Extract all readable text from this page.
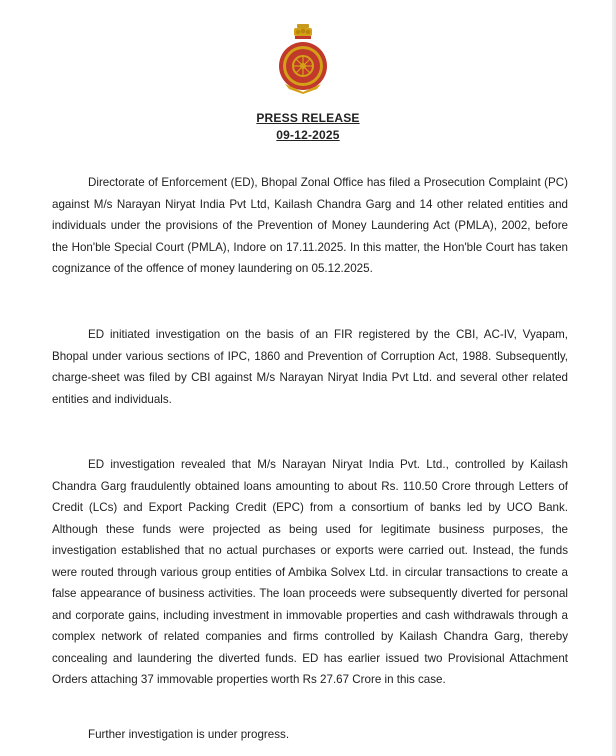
PRESS RELEASE
09-12-2025

Directorate of Enforcement (ED), Bhopal Zonal Office has filed a Prosecution Complaint (PC) against M/s Narayan Niryat India Pvt Ltd, Kailash Chandra Garg and 14 other related entities and individuals under the provisions of the Prevention of Money Laundering Act (PMLA), 2002, before the Hon'ble Special Court (PMLA), Indore on 17.11.2025. In this matter, the Hon'ble Court has taken cognizance of the offence of money laundering on 05.12.2025.

ED initiated investigation on the basis of an FIR registered by the CBI, AC-IV, Vyapam, Bhopal under various sections of IPC, 1860 and Prevention of Corruption Act, 1988. Subsequently, charge-sheet was filed by CBI against M/s Narayan Niryat India Pvt Ltd. and several other related entities and individuals.

ED investigation revealed that M/s Narayan Niryat India Pvt. Ltd., controlled by Kailash Chandra Garg fraudulently obtained loans amounting to about Rs. 110.50 Crore through Letters of Credit (LCs) and Export Packing Credit (EPC) from a consortium of banks led by UCO Bank. Although these funds were projected as being used for legitimate business purposes, the investigation established that no actual purchases or exports were carried out. Instead, the funds were routed through various group entities of Ambika Solvex Ltd. in circular transactions to create a false appearance of business activities. The loan proceeds were subsequently diverted for personal and corporate gains, including investment in immovable properties and cash withdrawals through a complex network of related companies and firms controlled by Kailash Chandra Garg, thereby concealing and laundering the diverted funds. ED has earlier issued two Provisional Attachment Orders attaching 37 immovable properties worth Rs 27.67 Crore in this case.

Further investigation is under progress.
